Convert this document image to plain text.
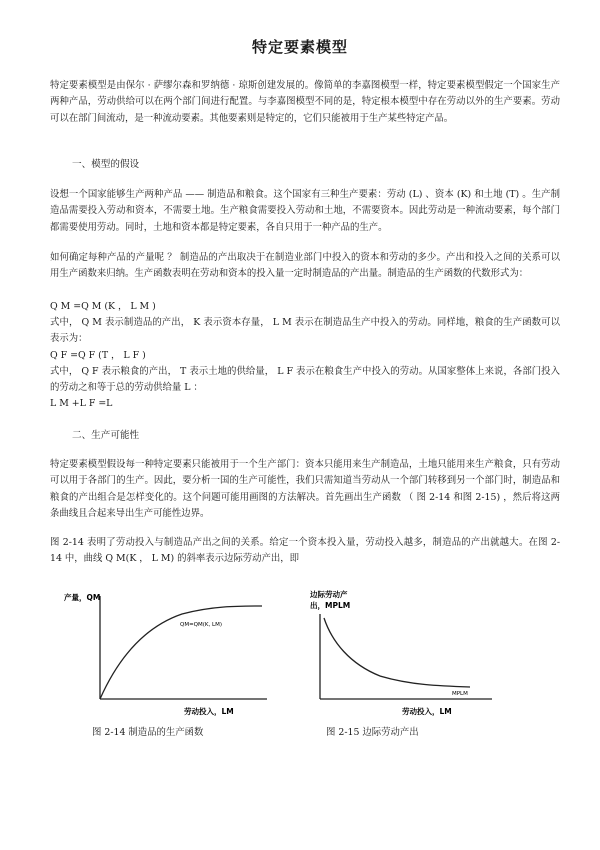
特定要素模型

特定要素模型是由保尔 · 萨缪尔森和罗纳德 · 琼斯创建发展的。像简单的李嘉图模型一样，特定要素模型假定一个国家生产两种产品，劳动供给可以在两个部门间进行配置。与李嘉图模型不同的是，特定根本模型中存在劳动以外的生产要素。劳动可以在部门间流动，是一种流动要素。其他要素则是特定的，它们只能被用于生产某些特定产品。

一、模型的假设

设想一个国家能够生产两种产品 —— 制造品和粮食。这个国家有三种生产要素：劳动 (L) 、资本 (K) 和土地 (T) 。生产制造品需要投入劳动和资本，不需要土地。生产粮食需要投入劳动和土地，不需要资本。因此劳动是一种流动要素，每个部门都需要使用劳动。同时，土地和资本都是特定要素，各自只用于一种产品的生产。

如何确定每种产品的产量呢 ？ 制造品的产出取决于在制造业部门中投入的资本和劳动的多少。产出和投入之间的关系可以用生产函数来归纳。生产函数表明在劳动和资本的投入量一定时制造品的产出量。制造品的生产函数的代数形式为：

Q M =Q M (K ， L M )

式中， Q M 表示制造品的产出， K 表示资本存量， L M 表示在制造品生产中投入的劳动。同样地，粮食的生产函数可以表示为：

Q F =Q F (T ， L F )

式中， Q F 表示粮食的产出， T 表示土地的供给量， L F 表示在粮食生产中投入的劳动。从国家整体上来说，各部门投入的劳动之和等于总的劳动供给量 L ：

L M +L F =L
二、生产可能性

特定要素模型假设每一种特定要素只能被用于一个生产部门：资本只能用来生产制造品，土地只能用来生产粮食，只有劳动可以用于各部门的生产。因此，要分析一国的生产可能性，我们只需知道当劳动从一个部门转移到另一个部门时，制造品和粮食的产出组合是怎样变化的。这个问题可能用画图的方法解决。首先画出生产函数 （ 图 2-14 和图 2-15) ，然后将这两条曲线且合起来导出生产可能性边界。

图 2-14 表明了劳动投入与制造品产出之间的关系。给定一个资本投入量，劳动投入越多，制造品的产出就越大。在图 2-14 中，曲线 Q M(K ， L M) 的斜率表示边际劳动产出，即

产量，QM
劳动投入，LM
QM=QM(K, LM)
边际劳动产
出，MPLM
劳动投入，LM
MPLM
图 2-14 制造品的生产函数	图 2-15 边际劳动产出
